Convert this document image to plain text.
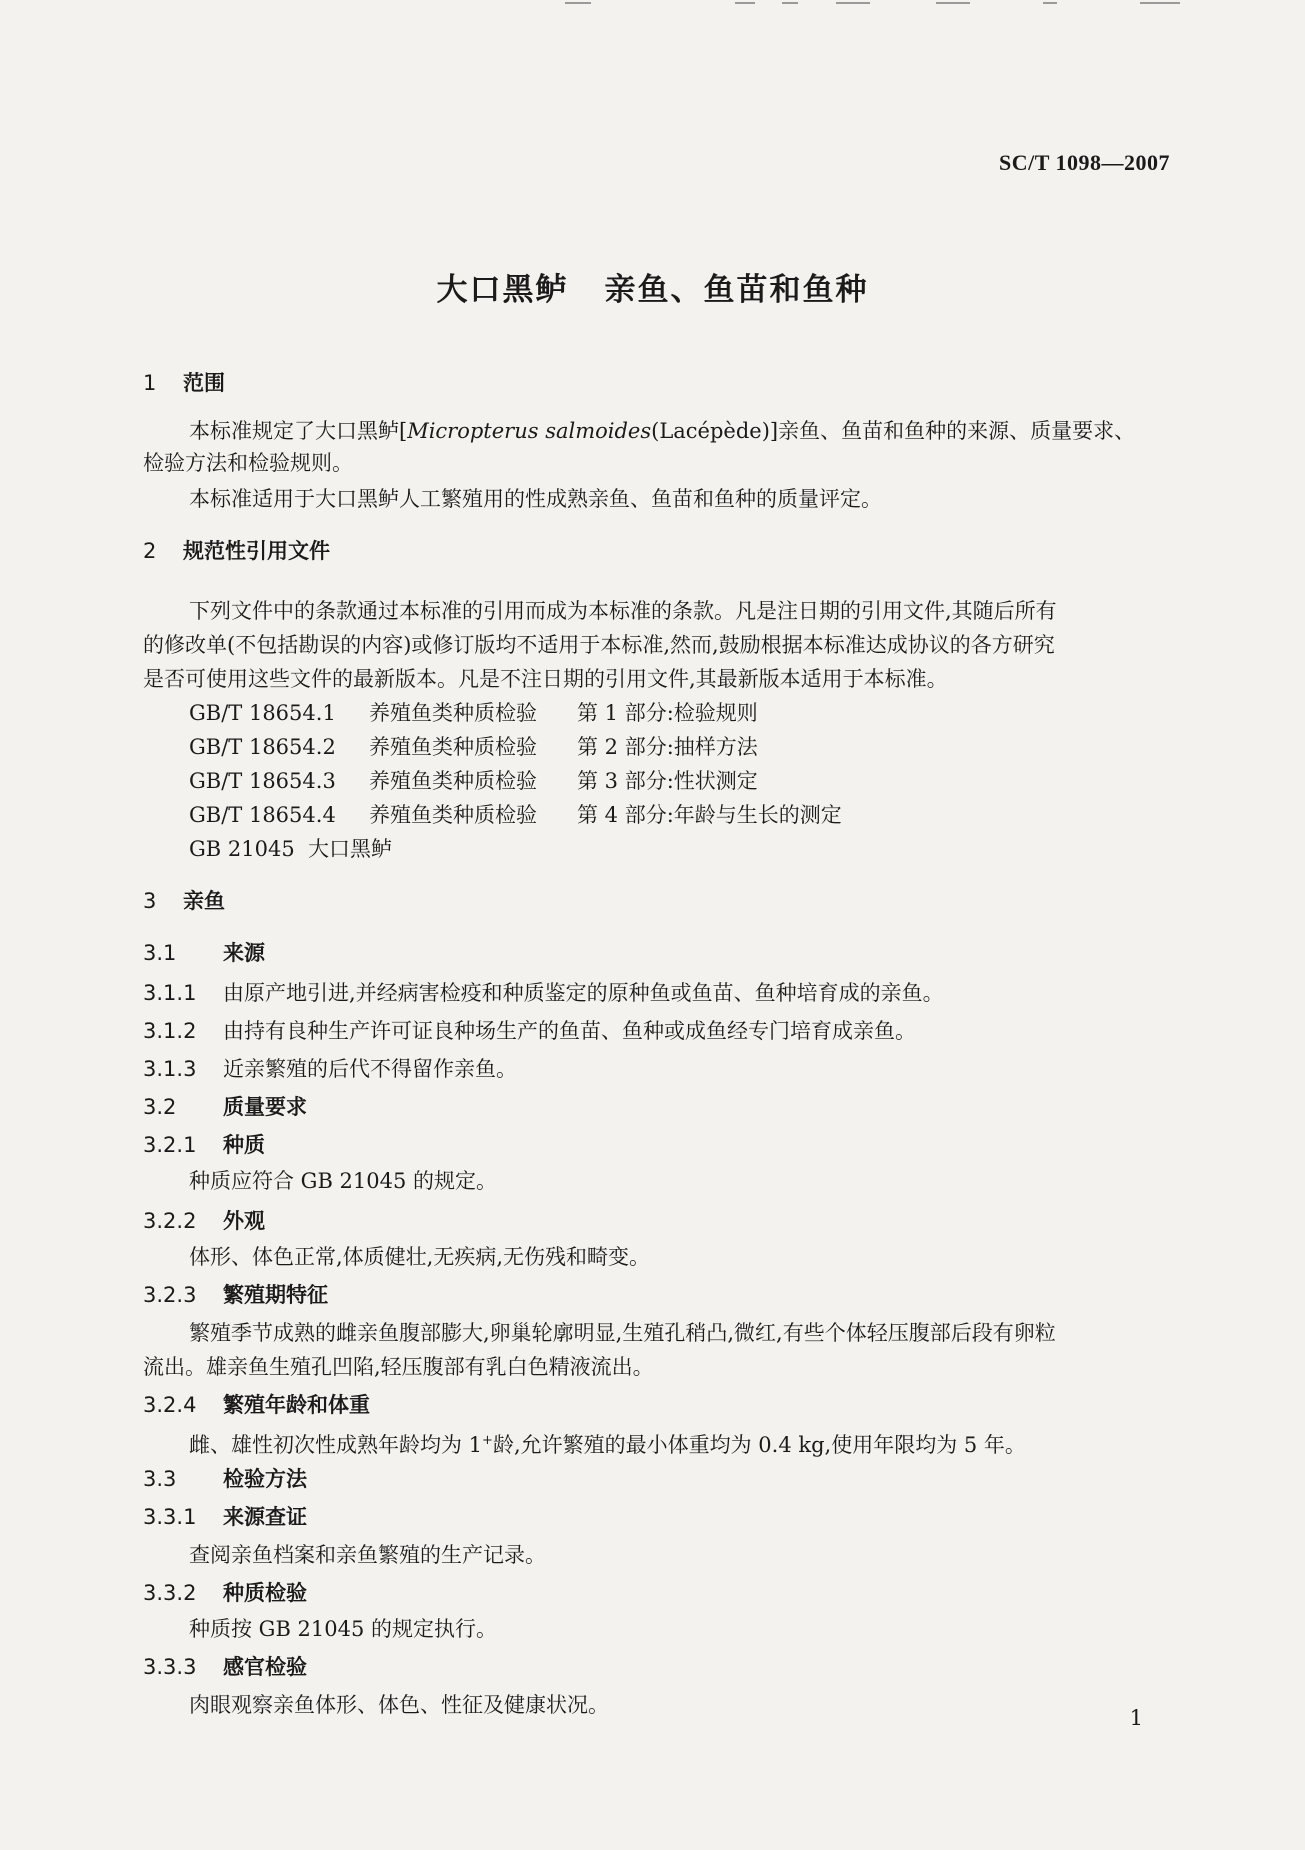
SC/T 1098—2007
大口黑鲈 亲鱼、鱼苗和鱼种
1 范围
本标准规定了大口黑鲈[Micropterus salmoides(Lacépède)]亲鱼、鱼苗和鱼种的来源、质量要求、
检验方法和检验规则。
本标准适用于大口黑鲈人工繁殖用的性成熟亲鱼、鱼苗和鱼种的质量评定。
2 规范性引用文件
下列文件中的条款通过本标准的引用而成为本标准的条款。凡是注日期的引用文件,其随后所有
的修改单(不包括勘误的内容)或修订版均不适用于本标准,然而,鼓励根据本标准达成协议的各方研究
是否可使用这些文件的最新版本。凡是不注日期的引用文件,其最新版本适用于本标准。
GB/T 18654.1 养殖鱼类种质检验 第 1 部分:检验规则
GB/T 18654.2 养殖鱼类种质检验 第 2 部分:抽样方法
GB/T 18654.3 养殖鱼类种质检验 第 3 部分:性状测定
GB/T 18654.4 养殖鱼类种质检验 第 4 部分:年龄与生长的测定
GB 21045  大口黑鲈
3 亲鱼
3.1 来源
3.1.1 由原产地引进,并经病害检疫和种质鉴定的原种鱼或鱼苗、鱼种培育成的亲鱼。
3.1.2 由持有良种生产许可证良种场生产的鱼苗、鱼种或成鱼经专门培育成亲鱼。
3.1.3 近亲繁殖的后代不得留作亲鱼。
3.2 质量要求
3.2.1 种质
种质应符合 GB 21045 的规定。
3.2.2 外观
体形、体色正常,体质健壮,无疾病,无伤残和畸变。
3.2.3 繁殖期特征
繁殖季节成熟的雌亲鱼腹部膨大,卵巢轮廓明显,生殖孔稍凸,微红,有些个体轻压腹部后段有卵粒
流出。雄亲鱼生殖孔凹陷,轻压腹部有乳白色精液流出。
3.2.4 繁殖年龄和体重
雌、雄性初次性成熟年龄均为 1+龄,允许繁殖的最小体重均为 0.4 kg,使用年限均为 5 年。
3.3 检验方法
3.3.1 来源查证
查阅亲鱼档案和亲鱼繁殖的生产记录。
3.3.2 种质检验
种质按 GB 21045 的规定执行。
3.3.3 感官检验
肉眼观察亲鱼体形、体色、性征及健康状况。
1
